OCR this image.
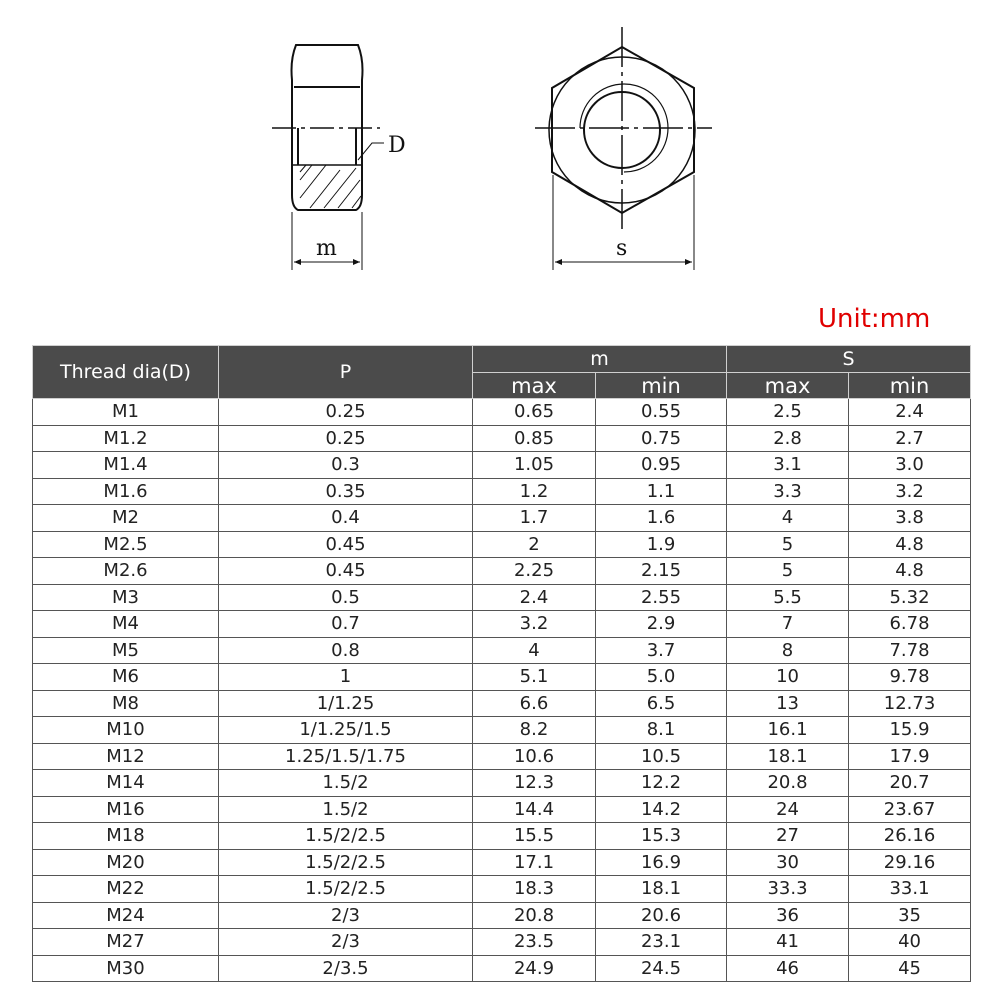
D
m	s
Unit:mm
Thread dia(D)	P	m		S	
		max	min	max	min
M1	0.25	0.65	0.55	2.5	2.4
M1.2	0.25	0.85	0.75	2.8	2.7
M1.4	0.3	1.05	0.95	3.1	3.0
M1.6	0.35	1.2	1.1	3.3	3.2
M2	0.4	1.7	1.6	4	3.8
M2.5	0.45	2	1.9	5	4.8
M2.6	0.45	2.25	2.15	5	4.8
M3	0.5	2.4	2.55	5.5	5.32
M4	0.7	3.2	2.9	7	6.78
M5	0.8	4	3.7	8	7.78
M6	1	5.1	5.0	10	9.78
M8	1/1.25	6.6	6.5	13	12.73
M10	1/1.25/1.5	8.2	8.1	16.1	15.9
M12	1.25/1.5/1.75	10.6	10.5	18.1	17.9
M14	1.5/2	12.3	12.2	20.8	20.7
M16	1.5/2	14.4	14.2	24	23.67
M18	1.5/2/2.5	15.5	15.3	27	26.16
M20	1.5/2/2.5	17.1	16.9	30	29.16
M22	1.5/2/2.5	18.3	18.1	33.3	33.1
M24	2/3	20.8	20.6	36	35
M27	2/3	23.5	23.1	41	40
M30	2/3.5	24.9	24.5	46	45
